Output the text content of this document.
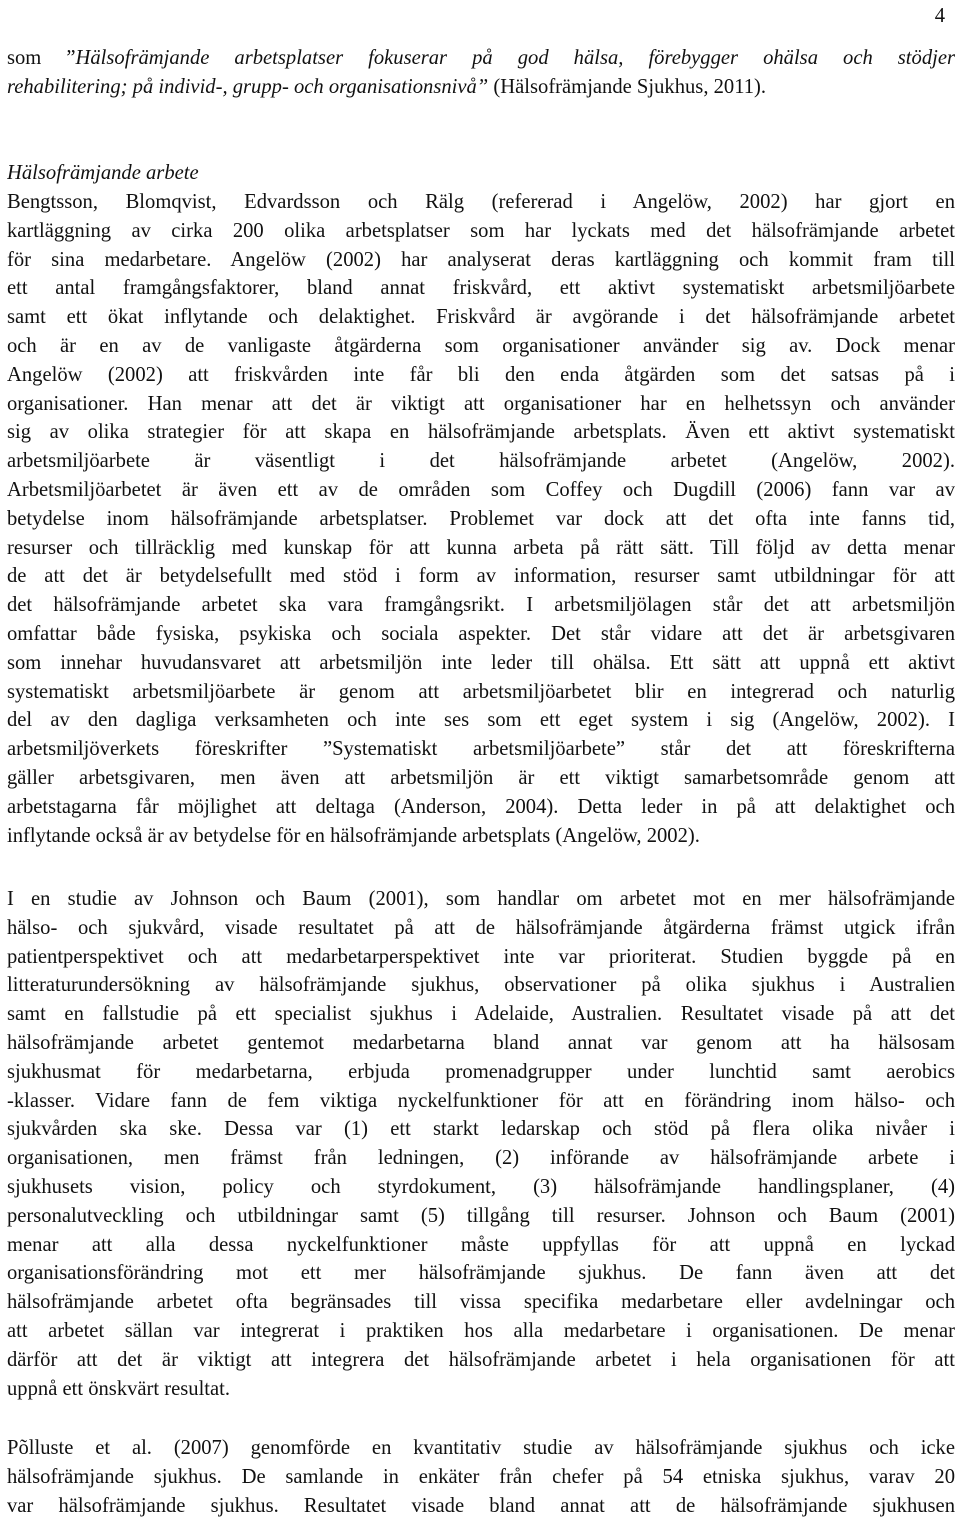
4
som ”Hälsofrämjande arbetsplatser fokuserar på god hälsa, förebygger ohälsa och stödjer
rehabilitering; på individ-, grupp- och organisationsnivå” (Hälsofrämjande Sjukhus, 2011).
Hälsofrämjande arbete
Bengtsson, Blomqvist, Edvardsson och Rälg (refererad i Angelöw, 2002) har gjort en
kartläggning av cirka 200 olika arbetsplatser som har lyckats med det hälsofrämjande arbetet
för sina medarbetare. Angelöw (2002) har analyserat deras kartläggning och kommit fram till
ett antal framgångsfaktorer, bland annat friskvård, ett aktivt systematiskt arbetsmiljöarbete
samt ett ökat inflytande och delaktighet. Friskvård är avgörande i det hälsofrämjande arbetet
och är en av de vanligaste åtgärderna som organisationer använder sig av. Dock menar
Angelöw (2002) att friskvården inte får bli den enda åtgärden som det satsas på i
organisationer. Han menar att det är viktigt att organisationer har en helhetssyn och använder
sig av olika strategier för att skapa en hälsofrämjande arbetsplats. Även ett aktivt systematiskt
arbetsmiljöarbete är väsentligt i det hälsofrämjande arbetet (Angelöw, 2002).
Arbetsmiljöarbetet är även ett av de områden som Coffey och Dugdill (2006) fann var av
betydelse inom hälsofrämjande arbetsplatser. Problemet var dock att det ofta inte fanns tid,
resurser och tillräcklig med kunskap för att kunna arbeta på rätt sätt. Till följd av detta menar
de att det är betydelsefullt med stöd i form av information, resurser samt utbildningar för att
det hälsofrämjande arbetet ska vara framgångsrikt. I arbetsmiljölagen står det att arbetsmiljön
omfattar både fysiska, psykiska och sociala aspekter. Det står vidare att det är arbetsgivaren
som innehar huvudansvaret att arbetsmiljön inte leder till ohälsa. Ett sätt att uppnå ett aktivt
systematiskt arbetsmiljöarbete är genom att arbetsmiljöarbetet blir en integrerad och naturlig
del av den dagliga verksamheten och inte ses som ett eget system i sig (Angelöw, 2002). I
arbetsmiljöverkets föreskrifter ”Systematiskt arbetsmiljöarbete” står det att föreskrifterna
gäller arbetsgivaren, men även att arbetsmiljön är ett viktigt samarbetsområde genom att
arbetstagarna får möjlighet att deltaga (Anderson, 2004). Detta leder in på att delaktighet och
inflytande också är av betydelse för en hälsofrämjande arbetsplats (Angelöw, 2002).
I en studie av Johnson och Baum (2001), som handlar om arbetet mot en mer hälsofrämjande
hälso- och sjukvård, visade resultatet på att de hälsofrämjande åtgärderna främst utgick ifrån
patientperspektivet och att medarbetarperspektivet inte var prioriterat. Studien byggde på en
litteraturundersökning av hälsofrämjande sjukhus, observationer på olika sjukhus i Australien
samt en fallstudie på ett specialist sjukhus i Adelaide, Australien. Resultatet visade på att det
hälsofrämjande arbetet gentemot medarbetarna bland annat var genom att ha hälsosam
sjukhusmat för medarbetarna, erbjuda promenadgrupper under lunchtid samt aerobics
-klasser. Vidare fann de fem viktiga nyckelfunktioner för att en förändring inom hälso- och
sjukvården ska ske. Dessa var (1) ett starkt ledarskap och stöd på flera olika nivåer i
organisationen, men främst från ledningen, (2) införande av hälsofrämjande arbete i
sjukhusets vision, policy och styrdokument, (3) hälsofrämjande handlingsplaner, (4)
personalutveckling och utbildningar samt (5) tillgång till resurser. Johnson och Baum (2001)
menar att alla dessa nyckelfunktioner måste uppfyllas för att uppnå en lyckad
organisationsförändring mot ett mer hälsofrämjande sjukhus. De fann även att det
hälsofrämjande arbetet ofta begränsades till vissa specifika medarbetare eller avdelningar och
att arbetet sällan var integrerat i praktiken hos alla medarbetare i organisationen. De menar
därför att det är viktigt att integrera det hälsofrämjande arbetet i hela organisationen för att
uppnå ett önskvärt resultat.
Põlluste et al. (2007) genomförde en kvantitativ studie av hälsofrämjande sjukhus och icke
hälsofrämjande sjukhus. De samlande in enkäter från chefer på 54 etniska sjukhus, varav 20
var hälsofrämjande sjukhus. Resultatet visade bland annat att de hälsofrämjande sjukhusen
